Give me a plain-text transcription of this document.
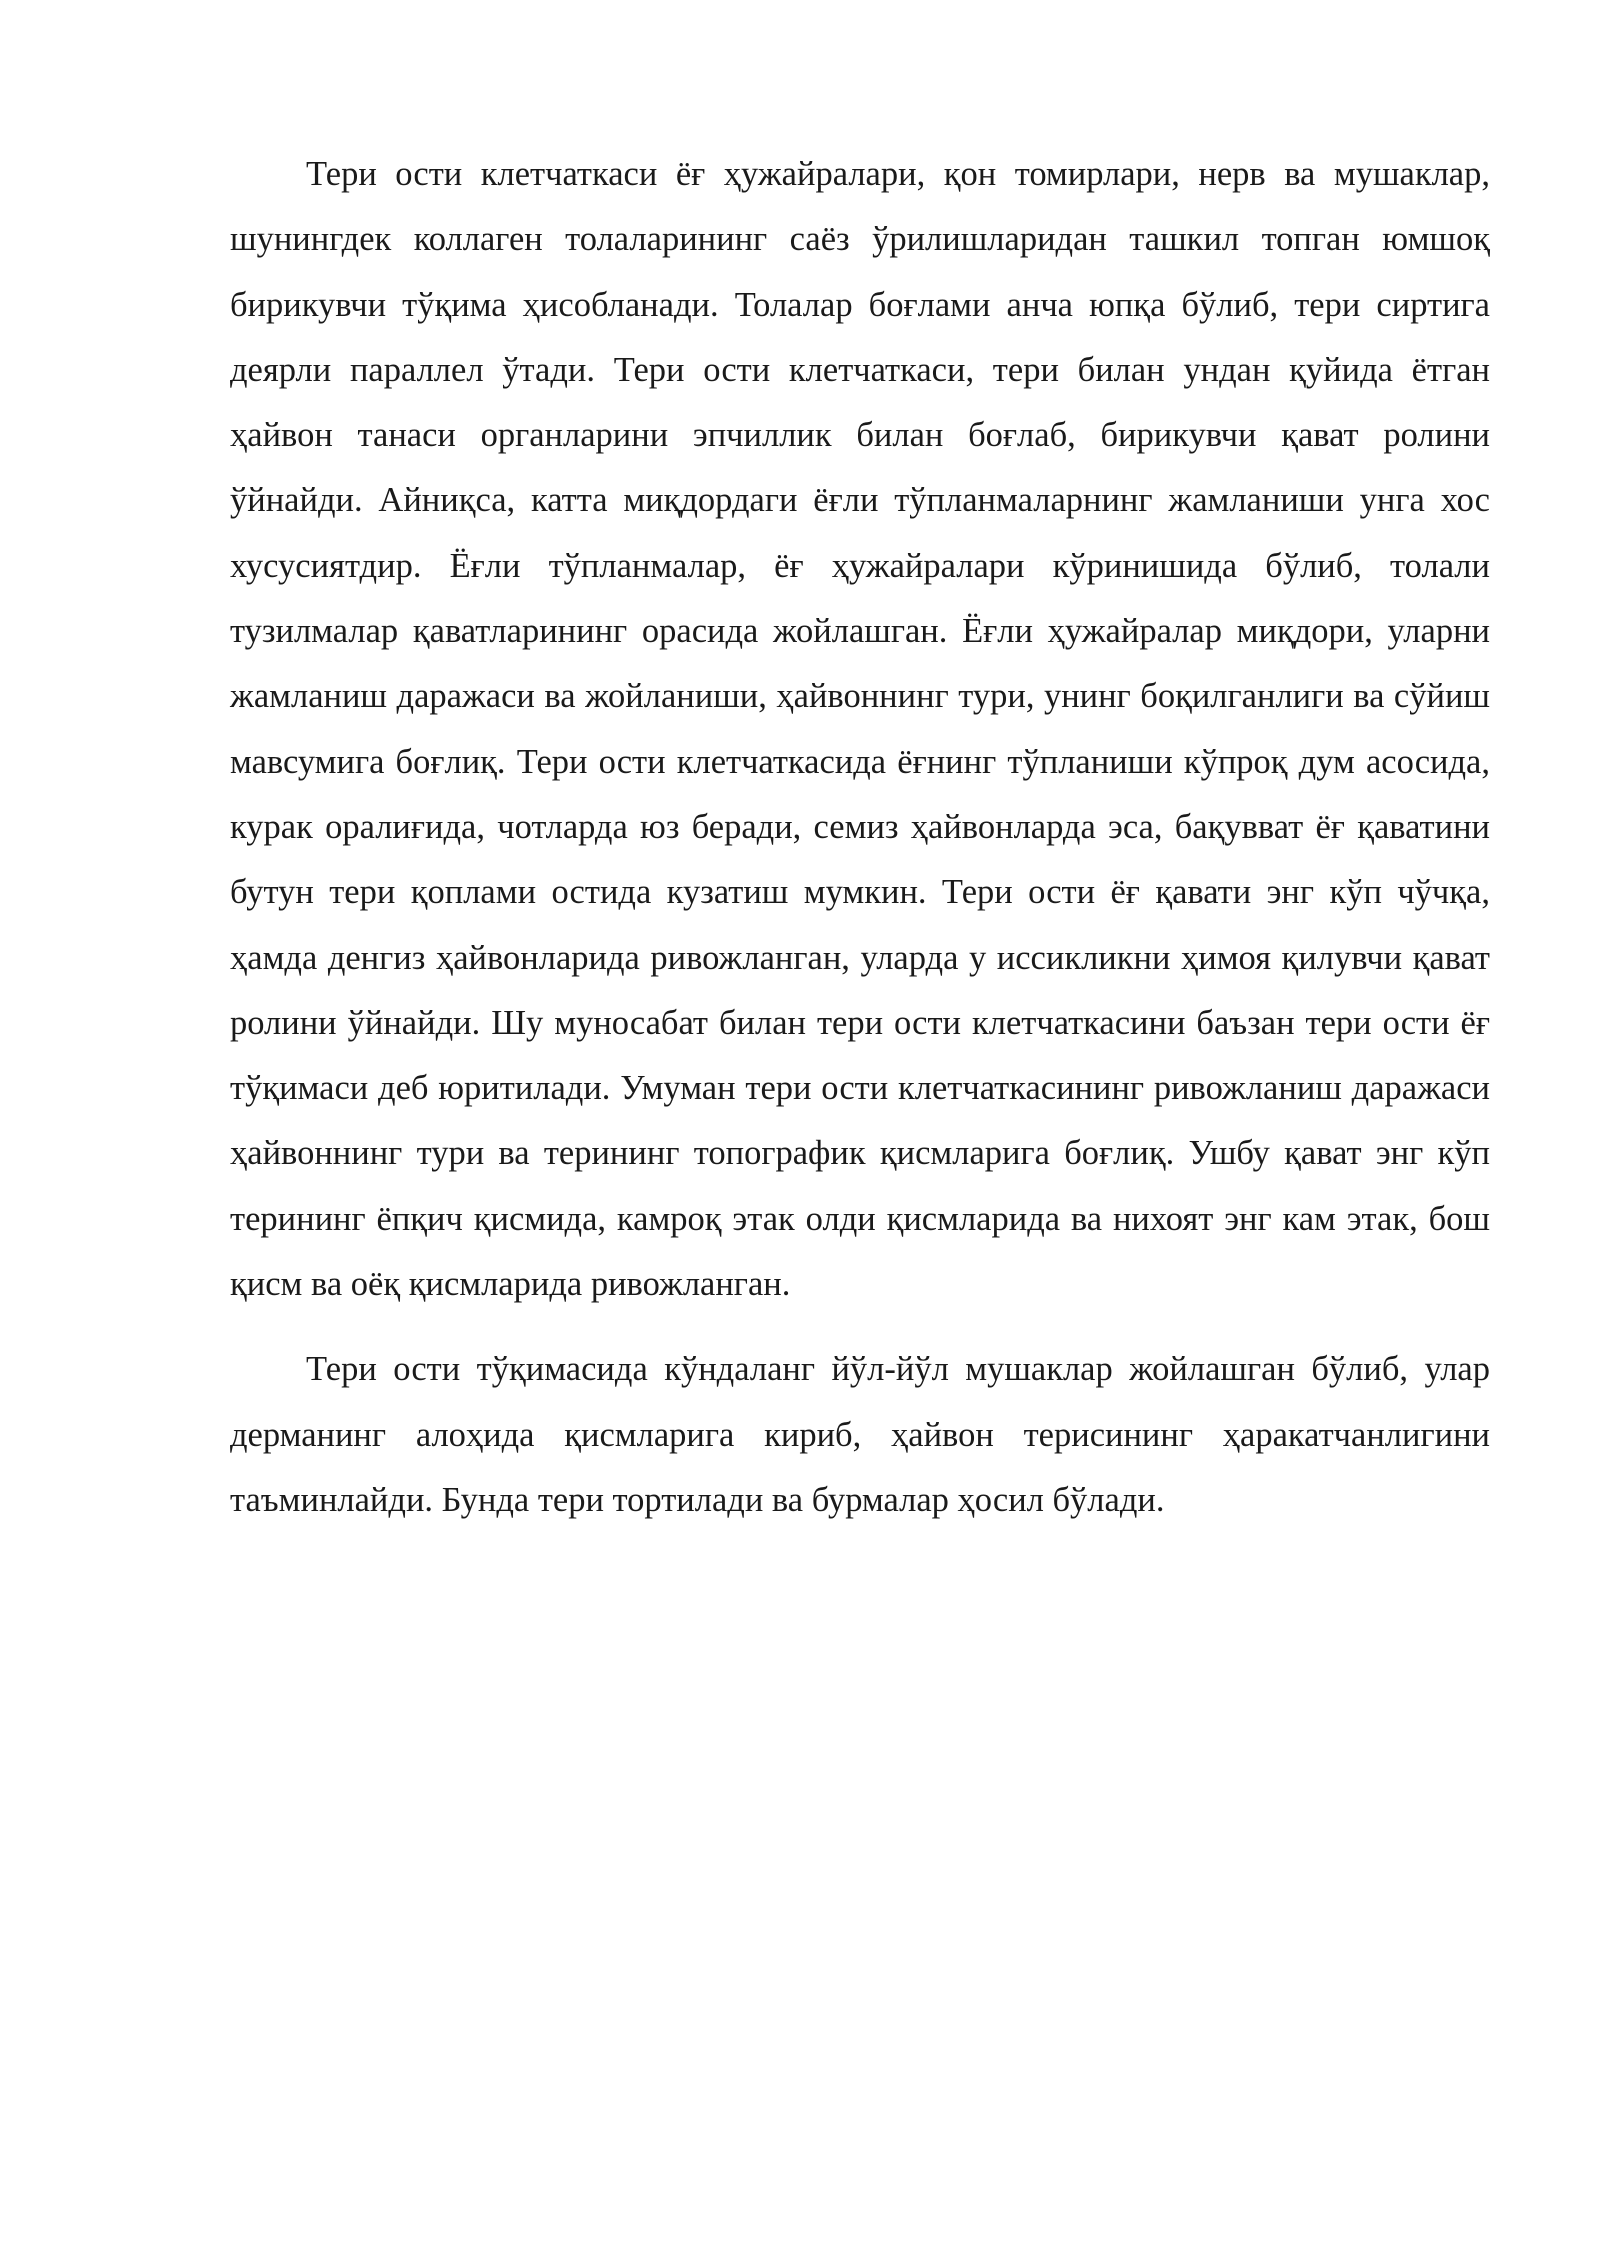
Тери ости клетчаткаси ёғ ҳужайралари, қон томирлари, нерв ва мушаклар, шунингдек коллаген толаларининг саёз ўрилишларидан ташкил топган юмшоқ бирикувчи тўқима ҳисобланади. Толалар боғлами анча юпқа бўлиб, тери сиртига деярли параллел ўтади. Тери ости клетчаткаси, тери билан ундан қуйида ётган ҳайвон танаси органларини эпчиллик билан боғлаб, бирикувчи қават ролини ўйнайди. Айниқса, катта миқдордаги ёғли тўпланмаларнинг жамланиши унга хос хусусиятдир. Ёғли тўпланмалар, ёғ ҳужайралари кўринишида бўлиб, толали тузилмалар қаватларининг орасида жойлашган. Ёғли ҳужайралар миқдори, уларни жамланиш даражаси ва жойланиши, ҳайвоннинг тури, унинг боқилганлиги ва сўйиш мавсумига боғлиқ. Тери ости клетчаткасида ёғнинг тўпланиши кўпроқ дум асосида, курак оралиғида, чотларда юз беради, семиз ҳайвонларда эса, бақувват ёғ қаватини бутун тери қоплами остида кузатиш мумкин. Тери ости ёғ қавати энг кўп чўчқа, ҳамда денгиз ҳайвонларида ривожланган, уларда у иссикликни ҳимоя қилувчи қават ролини ўйнайди. Шу муносабат билан тери ости клетчаткасини баъзан тери ости ёғ тўқимаси деб юритилади. Умуман тери ости клетчаткасининг ривожланиш даражаси ҳайвоннинг тури ва терининг топографик қисмларига боғлиқ. Ушбу қават энг кўп терининг ёпқич қисмида, камроқ этак олди қисмларида ва нихоят энг кам этак, бош қисм ва оёқ қисмларида ривожланган.

Тери ости тўқимасида кўндаланг йўл-йўл мушаклар жойлашган бўлиб, улар дерманинг алоҳида қисмларига кириб, ҳайвон терисининг ҳаракатчанлигини таъминлайди. Бунда тери тортилади ва бурмалар ҳосил бўлади.
